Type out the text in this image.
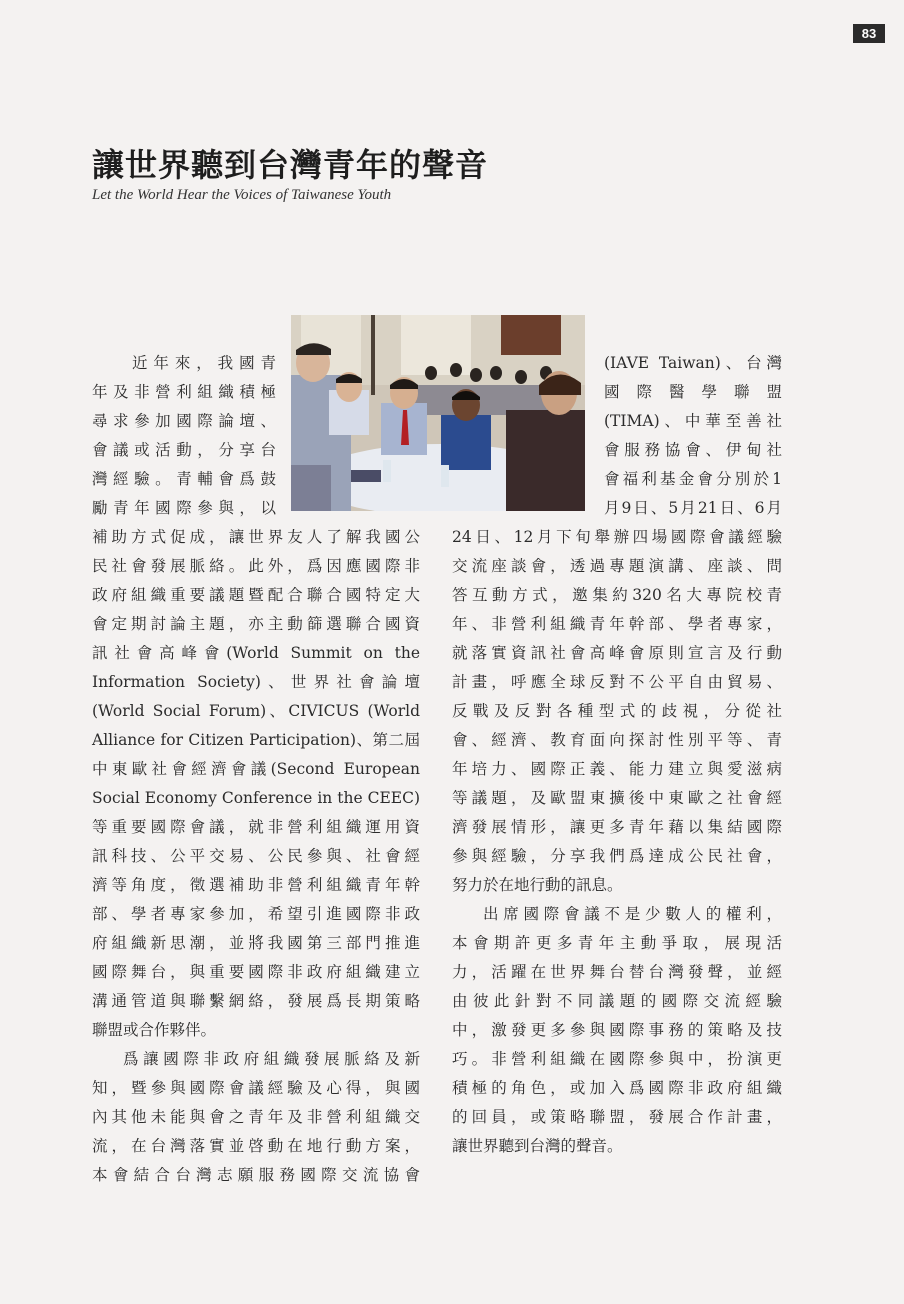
83
讓世界聽到台灣青年的聲音
Let the World Hear the Voices of Taiwanese Youth
近年來，我國青
年及非營利組織積極
尋求參加國際論壇、
會議或活動，分享台
灣經驗。青輔會爲鼓
勵青年國際參與，以
(IAVE Taiwan)、台灣
國際醫學聯盟
(TIMA)、中華至善社
會服務協會、伊甸社
會福利基金會分別於1
月9日、5月21日、6月
補助方式促成，讓世界友人了解我國公
民社會發展脈絡。此外，爲因應國際非
政府組織重要議題暨配合聯合國特定大
會定期討論主題，亦主動篩選聯合國資
訊社會高峰會(World Summit on the
Information Society)、世界社會論壇
(World Social Forum)、CIVICUS (World
Alliance for Citizen Participation)、第二屆
中東歐社會經濟會議(Second European
Social Economy Conference in the CEEC)
等重要國際會議，就非營利組織運用資
訊科技、公平交易、公民參與、社會經
濟等角度，徵選補助非營利組織青年幹
部、學者專家參加，希望引進國際非政
府組織新思潮，並將我國第三部門推進
國際舞台，與重要國際非政府組織建立
溝通管道與聯繫網絡，發展爲長期策略
聯盟或合作夥伴。
爲讓國際非政府組織發展脈絡及新
知，暨參與國際會議經驗及心得，與國
內其他未能與會之青年及非營利組織交
流，在台灣落實並啓動在地行動方案，
本會結合台灣志願服務國際交流協會
24日、12月下旬舉辦四場國際會議經驗
交流座談會，透過專題演講、座談、問
答互動方式，邀集約320名大專院校青
年、非營利組織青年幹部、學者專家，
就落實資訊社會高峰會原則宣言及行動
計畫，呼應全球反對不公平自由貿易、
反戰及反對各種型式的歧視，分從社
會、經濟、教育面向探討性別平等、青
年培力、國際正義、能力建立與愛滋病
等議題，及歐盟東擴後中東歐之社會經
濟發展情形，讓更多青年藉以集結國際
參與經驗，分享我們爲達成公民社會，
努力於在地行動的訊息。
出席國際會議不是少數人的權利，
本會期許更多青年主動爭取，展現活
力，活躍在世界舞台替台灣發聲，並經
由彼此針對不同議題的國際交流經驗
中，激發更多參與國際事務的策略及技
巧。非營利組織在國際參與中，扮演更
積極的角色，或加入爲國際非政府組織
的回員，或策略聯盟，發展合作計畫，
讓世界聽到台灣的聲音。
